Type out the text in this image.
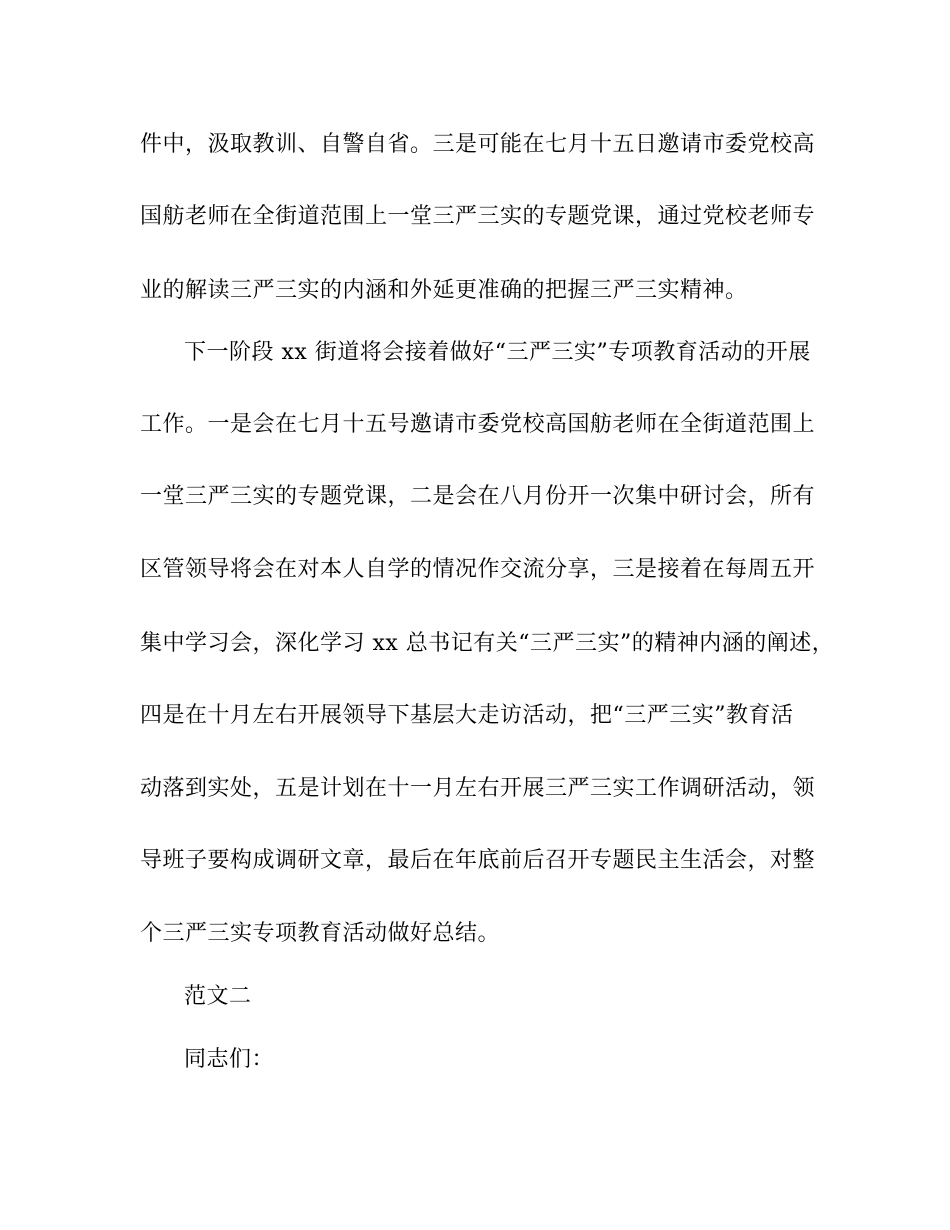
件中，汲取教训、自警自省。三是可能在七月十五日邀请市委党校高
国舫老师在全街道范围上一堂三严三实的专题党课，通过党校老师专
业的解读三严三实的内涵和外延更准确的把握三严三实精神。
下一阶段 xx 街道将会接着做好“三严三实”专项教育活动的开展
工作。一是会在七月十五号邀请市委党校高国舫老师在全街道范围上
一堂三严三实的专题党课，二是会在八月份开一次集中研讨会，所有
区管领导将会在对本人自学的情况作交流分享，三是接着在每周五开
集中学习会，深化学习 xx 总书记有关“三严三实”的精神内涵的阐述，
四是在十月左右开展领导下基层大走访活动，把“三严三实”教育活
动落到实处，五是计划在十一月左右开展三严三实工作调研活动，领
导班子要构成调研文章，最后在年底前后召开专题民主生活会，对整
个三严三实专项教育活动做好总结。
范文二
同志们：
